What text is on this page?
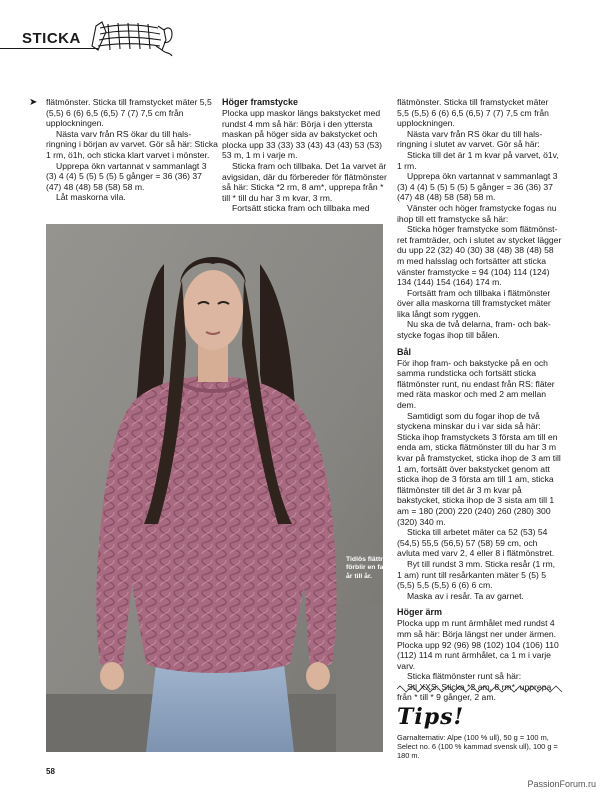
STICKA
➤ flätmönster. Sticka till framstycket mäter 5,5 (5,5) 6 (6) 6,5 (6,5) 7 (7) 7,5 cm från upplockningen.

Nästa varv från RS ökar du till halsringning i början av varvet. Gör så här: Sticka 1 rm, ö1h, och sticka klart varvet i mönster.

Upprepa ökn vartannat v sammanlagt 3 (3) 4 (4) 5 (5) 5 (5) 5 gånger = 36 (36) 37 (47) 48 (48) 58 (58) 58 m.

Låt maskorna vila.

Höger framstycke

Plocka upp maskor längs bakstycket med rundst 4 mm så här: Börja i den yttersta maskan på höger sida av bakstycket och plocka upp 33 (33) 33 (43) 43 (43) 53 (53) 53 m, 1 m i varje m.

Sticka fram och tillbaka. Det 1a varvet är avigsidan, där du förbereder för flätmönster så här: Sticka *2 rm, 8 am*, upprepa från * till * till du har 3 m kvar, 3 rm.

Fortsätt sticka fram och tillbaka med

flätmönster. Sticka till framstycket mäter 5,5 (5,5) 6 (6) 6,5 (6,5) 7 (7) 7,5 cm från upplockningen.

Nästa varv från RS ökar du till halsringning i slutet av varvet. Gör så här:

Sticka till det är 1 m kvar på varvet, ö1v, 1 rm.

Upprepa ökn vartannat v sammanlagt 3 (3) 4 (4) 5 (5) 5 (5) 5 gånger = 36 (36) 37 (47) 48 (48) 58 (58) 58 m.

Vänster och höger framstycke fogas nu ihop till ett framstycke så här:

Sticka höger framstycke som flätmönstret framträder, och i slutet av stycket lägger du upp 22 (32) 40 (30) 38 (48) 38 (48) 58 m med halsslag och fortsätter att sticka vänster framstycke = 94 (104) 114 (124) 134 (144) 154 (164) 174 m.

Fortsätt fram och tillbaka i flätmönster över alla maskorna till framstycket mäter lika långt som ryggen.

Nu ska de två delarna, fram- och bakstycke fogas ihop till bålen.

Bål

För ihop fram- och bakstycke på en och samma rundsticka och fortsätt sticka flätmönster runt, nu endast från RS: fläter med räta maskor och med 2 am mellan dem.

Samtidigt som du fogar ihop de två styckena minskar du i var sida så här: Sticka ihop framstyckets 3 första am till en enda am, sticka flätmönster till du har 3 m kvar på framstycket, sticka ihop de 3 am till 1 am, fortsätt över bakstycket genom att sticka ihop de 3 första am till 1 am, sticka flätmönster till det är 3 m kvar på bakstycket, sticka ihop de 3 sista am till 1 am = 180 (200) 220 (240) 260 (280) 300 (320) 340 m.

Sticka till arbetet mäter ca 52 (53) 54 (54,5) 55,5 (56,5) 57 (58) 59 cm, och avluta med varv 2, 4 eller 8 i flätmönstret.

Byt till rundst 3 mm. Sticka resår (1 rm, 1 am) runt till resårkanten mäter 5 (5) 5 (5,5) 5,5 (5,5) 6 (6) 6 cm.

Maska av i resår. Ta av garnet.

Höger ärm

Plocka upp m runt ärmhålet med rundst 4 mm så här: Börja längst ner under ärmen. Plocka upp 92 (96) 98 (102) 104 (106) 110 (112) 114 m runt ärmhålet, ca 1 m i varje varv.

Sticka flätmönster runt så här:

Stl XXS: Sticka *2 am, 8 rm*, upprepa från * till * 9 gånger, 2 am.

Tidlös flättröja som förblir en favorit från år till år.
Tips!
Garnalternativ: Alpe (100 % ull), 50 g = 100 m, Select no. 6 (100 % kammad svensk ull), 100 g = 180 m.
58
PassionForum.ru
